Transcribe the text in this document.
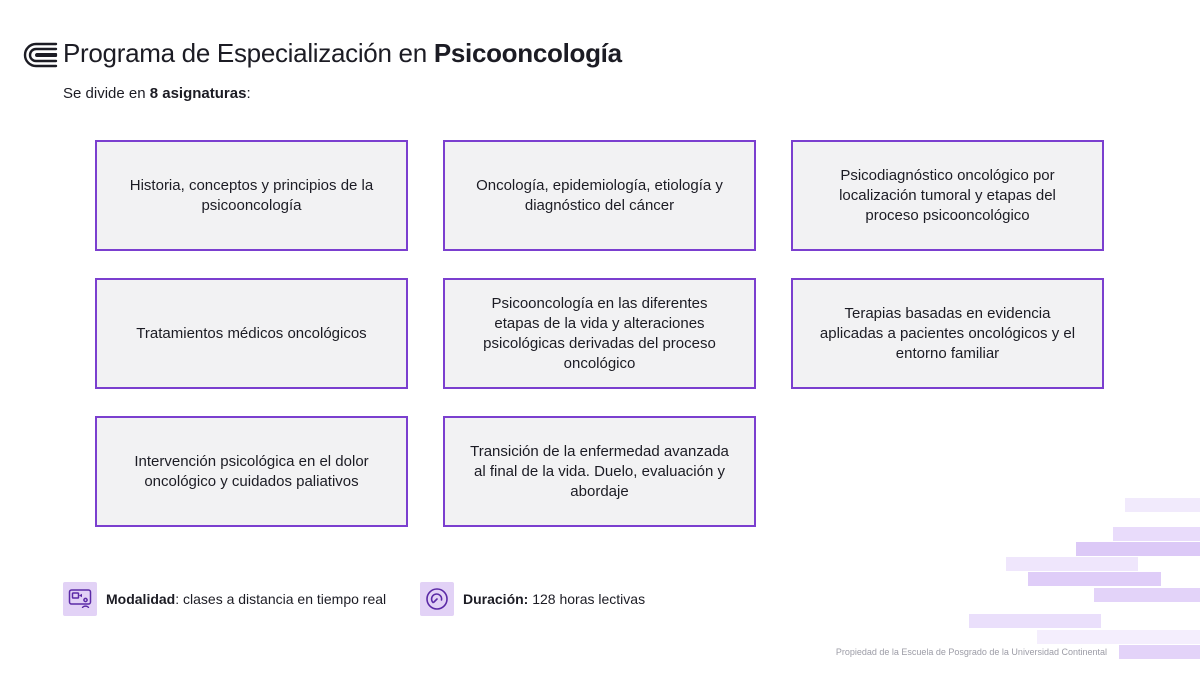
Programa de Especialización en Psicooncología
Se divide en 8 asignaturas:
Historia, conceptos y principios de la psicooncología
Oncología, epidemiología, etiología y diagnóstico del cáncer
Psicodiagnóstico oncológico por localización tumoral y etapas del proceso psicooncológico
Tratamientos médicos oncológicos
Psicooncología en las diferentes etapas de la vida y alteraciones psicológicas derivadas del proceso oncológico
Terapias basadas en evidencia aplicadas a pacientes oncológicos y el entorno familiar
Intervención psicológica en el dolor oncológico y cuidados paliativos
Transición de la enfermedad avanzada al final de la vida. Duelo, evaluación y abordaje
Modalidad: clases a distancia en tiempo real	Duración: 128 horas lectivas
Propiedad de la Escuela de Posgrado de la Universidad Continental
